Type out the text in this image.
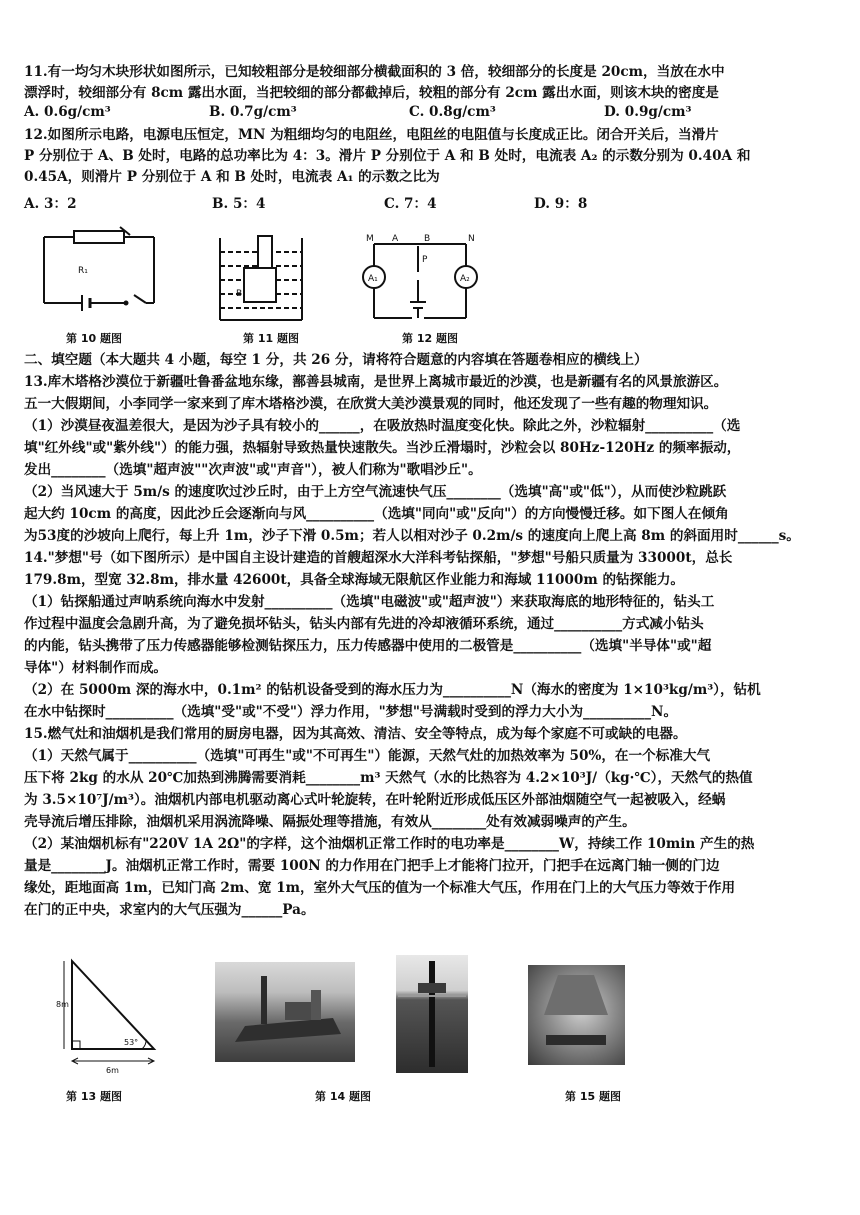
11.有一均匀木块形状如图所示，已知较粗部分是较细部分横截面积的 3 倍，较细部分的长度是 20cm，当放在水中
漂浮时，较细部分有 8cm 露出水面，当把较细的部分都截掉后，较粗的部分有 2cm 露出水面，则该木块的密度是
A. 0.6g/cm³	B. 0.7g/cm³	C. 0.8g/cm³	D. 0.9g/cm³
12.如图所示电路，电源电压恒定，MN 为粗细均匀的电阻丝，电阻丝的电阻值与长度成正比。闭合开关后，当滑片
P 分别位于 A、B 处时，电路的总功率比为 4：3。滑片 P 分别位于 A 和 B 处时，电流表 A₂ 的示数分别为 0.40A 和
0.45A，则滑片 P 分别位于 A 和 B 处时，电流表 A₁ 的示数之比为
A. 3：2	B. 5：4	C. 7：4	D. 9：8
R₁
第 10 题图
B
第 11 题图
A₁	A₂
M A	B	N
P
第 12 题图
二、填空题（本大题共 4 小题，每空 1 分，共 26 分，请将符合题意的内容填在答题卷相应的横线上）
13.库木塔格沙漠位于新疆吐鲁番盆地东缘，鄯善县城南，是世界上离城市最近的沙漠，也是新疆有名的风景旅游区。
五一大假期间，小李同学一家来到了库木塔格沙漠，在欣赏大美沙漠景观的同时，他还发现了一些有趣的物理知识。
（1）沙漠昼夜温差很大，是因为沙子具有较小的______，在吸放热时温度变化快。除此之外，沙粒辐射__________（选
填"红外线"或"紫外线"）的能力强，热辐射导致热量快速散失。当沙丘滑塌时，沙粒会以 80Hz-120Hz 的频率振动，
发出________（选填"超声波""次声波"或"声音"），被人们称为"歌唱沙丘"。
（2）当风速大于 5m/s 的速度吹过沙丘时，由于上方空气流速快气压________（选填"高"或"低"），从而使沙粒跳跃
起大约 10cm 的高度，因此沙丘会逐渐向与风__________（选填"同向"或"反向"）的方向慢慢迁移。如下图人在倾角
为53度的沙坡向上爬行，每上升 1m，沙子下滑 0.5m；若人以相对沙子 0.2m/s 的速度向上爬上高 8m 的斜面用时______s。
14."梦想"号（如下图所示）是中国自主设计建造的首艘超深水大洋科考钻探船，"梦想"号船只质量为 33000t，总长
179.8m，型宽 32.8m，排水量 42600t，具备全球海域无限航区作业能力和海域 11000m 的钻探能力。
（1）钻探船通过声呐系统向海水中发射__________（选填"电磁波"或"超声波"）来获取海底的地形特征的，钻头工
作过程中温度会急剧升高，为了避免损坏钻头，钻头内部有先进的冷却液循环系统，通过__________方式减小钻头
的内能，钻头携带了压力传感器能够检测钻探压力，压力传感器中使用的二极管是__________（选填"半导体"或"超
导体"）材料制作而成。
（2）在 5000m 深的海水中，0.1m² 的钻机设备受到的海水压力为__________N（海水的密度为 1×10³kg/m³），钻机
在水中钻探时__________（选填"受"或"不受"）浮力作用，"梦想"号满载时受到的浮力大小为__________N。
15.燃气灶和油烟机是我们常用的厨房电器，因为其高效、清洁、安全等特点，成为每个家庭不可或缺的电器。
（1）天然气属于__________（选填"可再生"或"不可再生"）能源，天然气灶的加热效率为 50%，在一个标准大气
压下将 2kg 的水从 20℃加热到沸腾需要消耗________m³ 天然气（水的比热容为 4.2×10³J/（kg·℃），天然气的热值
为 3.5×10⁷J/m³）。油烟机内部电机驱动离心式叶轮旋转，在叶轮附近形成低压区外部油烟随空气一起被吸入，经蜗
壳导流后增压排除，油烟机采用涡流降噪、隔振处理等措施，有效从________处有效减弱噪声的产生。
（2）某油烟机标有"220V 1A 2Ω"的字样，这个油烟机正常工作时的电功率是________W，持续工作 10min 产生的热
量是________J。油烟机正常工作时，需要 100N 的力作用在门把手上才能将门拉开，门把手在远离门轴一侧的门边
缘处，距地面高 1m，已知门高 2m、宽 1m，室外大气压的值为一个标准大气压，作用在门上的大气压力等效于作用
在门的正中央，求室内的大气压强为______Pa。
8m
6m
53°
第 13 题图	第 14 题图	第 15 题图
